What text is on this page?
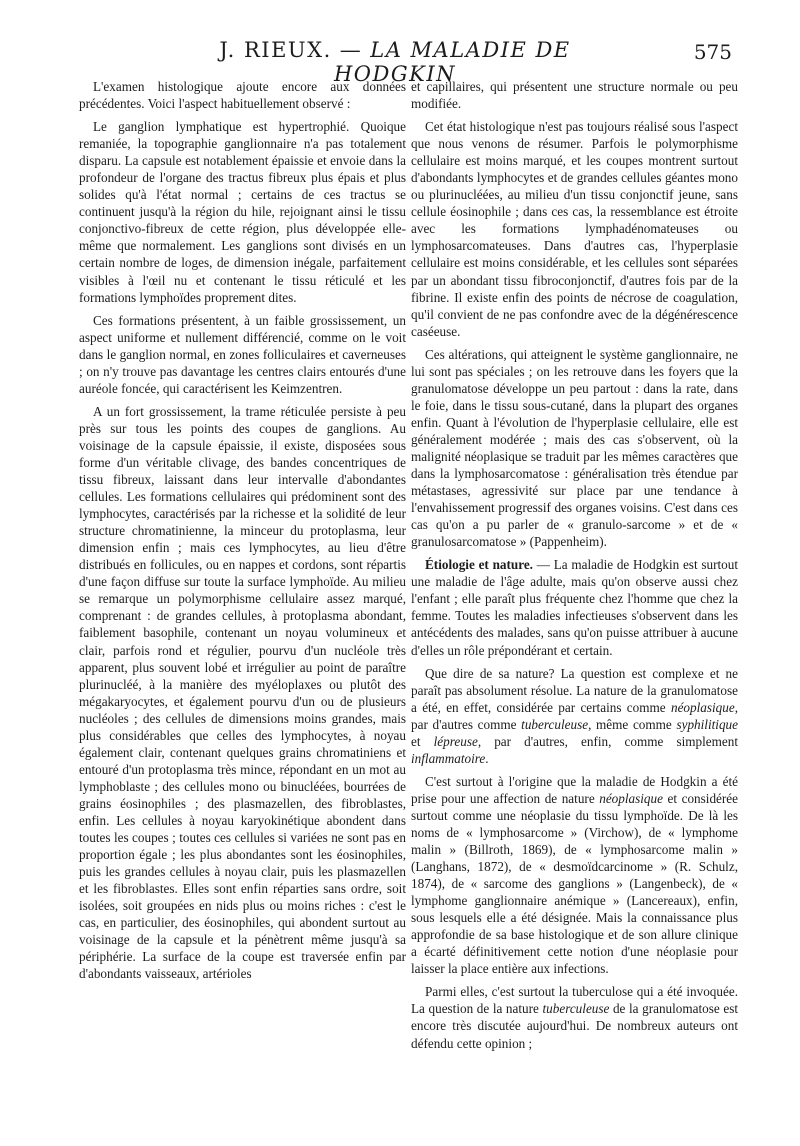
J. RIEUX. — LA MALADIE DE HODGKIN
575

L'examen histologique ajoute encore aux données précédentes. Voici l'aspect habituellement observé :

Le ganglion lymphatique est hypertrophié. Quoique remaniée, la topographie ganglionnaire n'a pas totalement disparu. La capsule est notablement épaissie et envoie dans la profondeur de l'organe des tractus fibreux plus épais et plus solides qu'à l'état normal ; certains de ces tractus se continuent jusqu'à la région du hile, rejoignant ainsi le tissu conjonctivo-fibreux de cette région, plus développée elle-même que normalement. Les ganglions sont divisés en un certain nombre de loges, de dimension inégale, parfaitement visibles à l'œil nu et contenant le tissu réticulé et les formations lymphoïdes proprement dites.

Ces formations présentent, à un faible grossissement, un aspect uniforme et nullement différencié, comme on le voit dans le ganglion normal, en zones folliculaires et caverneuses ; on n'y trouve pas davantage les centres clairs entourés d'une auréole foncée, qui caractérisent les Keimzentren.

A un fort grossissement, la trame réticulée persiste à peu près sur tous les points des coupes de ganglions. Au voisinage de la capsule épaissie, il existe, disposées sous forme d'un véritable clivage, des bandes concentriques de tissu fibreux, laissant dans leur intervalle d'abondantes cellules. Les formations cellulaires qui prédominent sont des lymphocytes, caractérisés par la richesse et la solidité de leur structure chromatinienne, la minceur du protoplasma, leur dimension enfin ; mais ces lymphocytes, au lieu d'être distribués en follicules, ou en nappes et cordons, sont répartis d'une façon diffuse sur toute la surface lymphoïde. Au milieu se remarque un polymorphisme cellulaire assez marqué, comprenant : de grandes cellules, à protoplasma abondant, faiblement basophile, contenant un noyau volumineux et clair, parfois rond et régulier, pourvu d'un nucléole très apparent, plus souvent lobé et irrégulier au point de paraître plurinucléé, à la manière des myéloplaxes ou plutôt des mégakaryocytes, et également pourvu d'un ou de plusieurs nucléoles ; des cellules de dimensions moins grandes, mais plus considérables que celles des lymphocytes, à noyau également clair, contenant quelques grains chromatiniens et entouré d'un protoplasma très mince, répondant en un mot au lymphoblaste ; des cellules mono ou binucléées, bourrées de grains éosinophiles ; des plasmazellen, des fibroblastes, enfin. Les cellules à noyau karyokinétique abondent dans toutes les coupes ; toutes ces cellules si variées ne sont pas en proportion égale ; les plus abondantes sont les éosinophiles, puis les grandes cellules à noyau clair, puis les plasmazellen et les fibroblastes. Elles sont enfin réparties sans ordre, soit isolées, soit groupées en nids plus ou moins riches : c'est le cas, en particulier, des éosinophiles, qui abondent surtout au voisinage de la capsule et la pénètrent même jusqu'à sa périphérie. La surface de la coupe est traversée enfin par d'abondants vaisseaux, artérioles

et capillaires, qui présentent une structure normale ou peu modifiée.

Cet état histologique n'est pas toujours réalisé sous l'aspect que nous venons de résumer. Parfois le polymorphisme cellulaire est moins marqué, et les coupes montrent surtout d'abondants lymphocytes et de grandes cellules géantes mono ou plurinucléées, au milieu d'un tissu conjonctif jeune, sans cellule éosinophile ; dans ces cas, la ressemblance est étroite avec les formations lymphadénomateuses ou lymphosarcomateuses. Dans d'autres cas, l'hyperplasie cellulaire est moins considérable, et les cellules sont séparées par un abondant tissu fibroconjonctif, d'autres fois par de la fibrine. Il existe enfin des points de nécrose de coagulation, qu'il convient de ne pas confondre avec de la dégénérescence caséeuse.

Ces altérations, qui atteignent le système ganglionnaire, ne lui sont pas spéciales ; on les retrouve dans les foyers que la granulomatose développe un peu partout : dans la rate, dans le foie, dans le tissu sous-cutané, dans la plupart des organes enfin. Quant à l'évolution de l'hyperplasie cellulaire, elle est généralement modérée ; mais des cas s'observent, où la malignité néoplasique se traduit par les mêmes caractères que dans la lymphosarcomatose : généralisation très étendue par métastases, agressivité sur place par une tendance à l'envahissement progressif des organes voisins. C'est dans ces cas qu'on a pu parler de « granulo-sarcome » et de « granulosarcomatose » (Pappenheim).

Étiologie et nature. — La maladie de Hodgkin est surtout une maladie de l'âge adulte, mais qu'on observe aussi chez l'enfant ; elle paraît plus fréquente chez l'homme que chez la femme. Toutes les maladies infectieuses s'observent dans les antécédents des malades, sans qu'on puisse attribuer à aucune d'elles un rôle prépondérant et certain.

Que dire de sa nature? La question est complexe et ne paraît pas absolument résolue. La nature de la granulomatose a été, en effet, considérée par certains comme néoplasique, par d'autres comme tuberculeuse, même comme syphilitique et lépreuse, par d'autres, enfin, comme simplement inflammatoire.

C'est surtout à l'origine que la maladie de Hodgkin a été prise pour une affection de nature néoplasique et considérée surtout comme une néoplasie du tissu lymphoïde. De là les noms de « lymphosarcome » (Virchow), de « lymphome malin » (Billroth, 1869), de « lymphosarcome malin » (Langhans, 1872), de « desmoïdcarcinome » (R. Schulz, 1874), de « sarcome des ganglions » (Langenbeck), de « lymphome ganglionnaire anémique » (Lancereaux), enfin, sous lesquels elle a été désignée. Mais la connaissance plus approfondie de sa base histologique et de son allure clinique a écarté définitivement cette notion d'une néoplasie pour laisser la place entière aux infections.

Parmi elles, c'est surtout la tuberculose qui a été invoquée. La question de la nature tuberculeuse de la granulomatose est encore très discutée aujourd'hui. De nombreux auteurs ont défendu cette opinion ;
